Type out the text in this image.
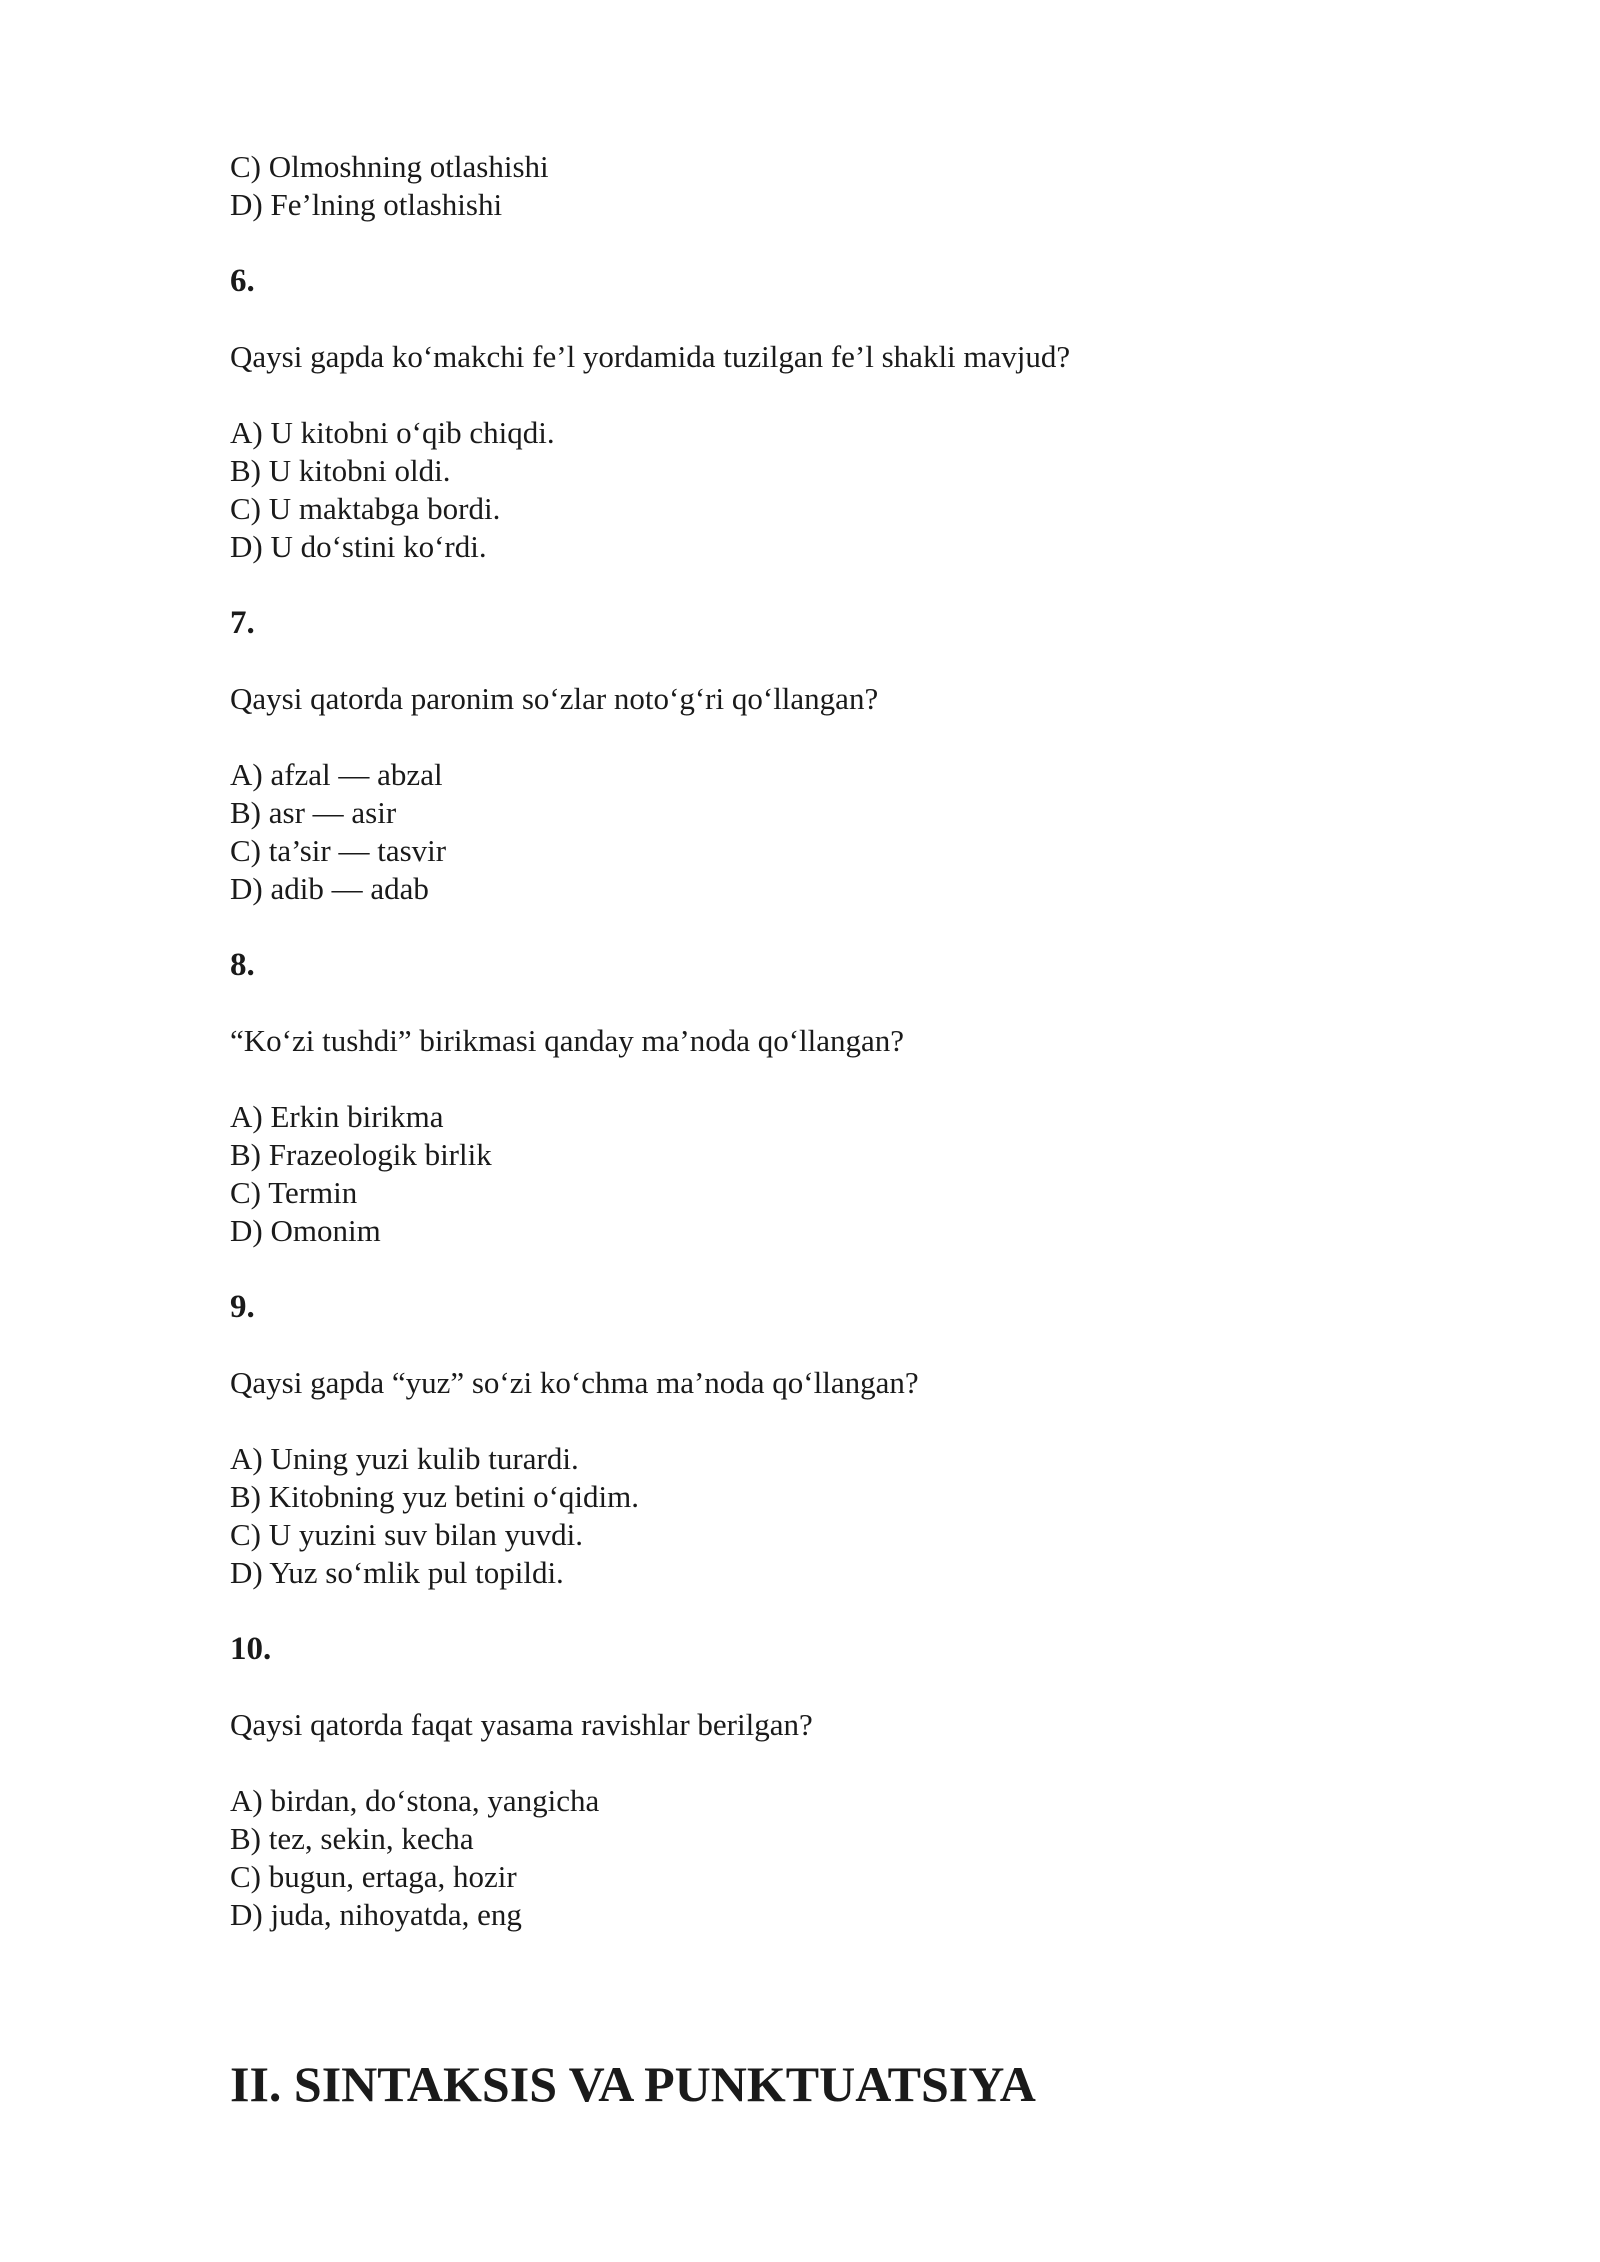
C) Olmoshning otlashishi

D) Fe’lning otlashishi

6.

Qaysi gapda ko‘makchi fe’l yordamida tuzilgan fe’l shakli mavjud?

A) U kitobni o‘qib chiqdi.

B) U kitobni oldi.

C) U maktabga bordi.

D) U do‘stini ko‘rdi.

7.

Qaysi qatorda paronim so‘zlar noto‘g‘ri qo‘llangan?

A) afzal — abzal

B) asr — asir

C) ta’sir — tasvir

D) adib — adab

8.

“Ko‘zi tushdi” birikmasi qanday ma’noda qo‘llangan?

A) Erkin birikma

B) Frazeologik birlik

C) Termin

D) Omonim

9.

Qaysi gapda “yuz” so‘zi ko‘chma ma’noda qo‘llangan?

A) Uning yuzi kulib turardi.

B) Kitobning yuz betini o‘qidim.

C) U yuzini suv bilan yuvdi.

D) Yuz so‘mlik pul topildi.

10.

Qaysi qatorda faqat yasama ravishlar berilgan?

A) birdan, do‘stona, yangicha

B) tez, sekin, kecha

C) bugun, ertaga, hozir

D) juda, nihoyatda, eng

II. SINTAKSIS VA PUNKTUATSIYA
